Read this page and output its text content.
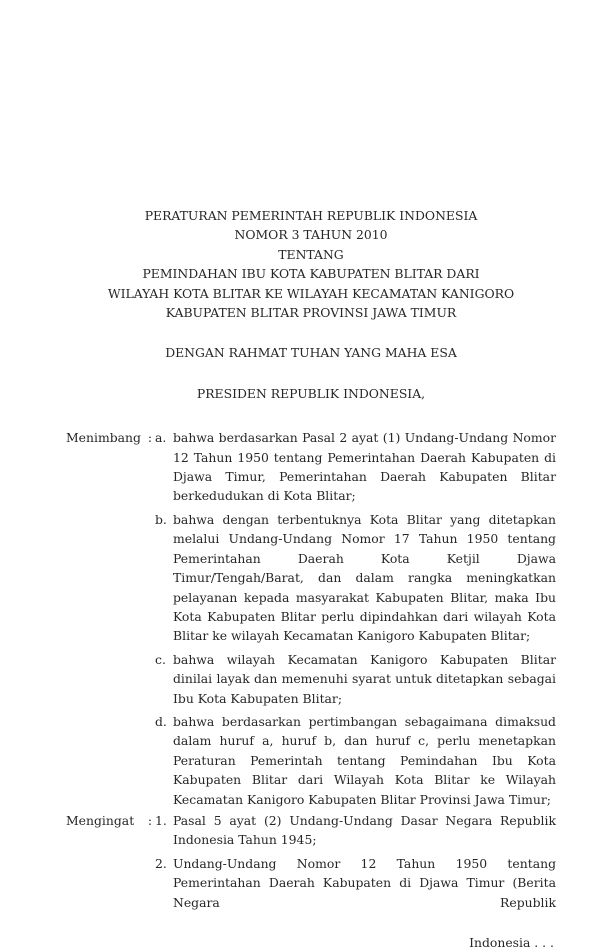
PERATURAN PEMERINTAH REPUBLIK INDONESIA
NOMOR 3 TAHUN 2010
TENTANG
PEMINDAHAN IBU KOTA KABUPATEN BLITAR DARI
WILAYAH KOTA BLITAR KE WILAYAH KECAMATAN KANIGORO
KABUPATEN BLITAR PROVINSI JAWA TIMUR
DENGAN RAHMAT TUHAN YANG MAHA ESA
PRESIDEN REPUBLIK INDONESIA,
Menimbang : a. bahwa berdasarkan Pasal 2 ayat (1) Undang-Undang Nomor 12 Tahun 1950 tentang Pemerintahan Daerah Kabupaten di Djawa Timur, Pemerintahan Daerah Kabupaten Blitar berkedudukan di Kota Blitar;
b. bahwa dengan terbentuknya Kota Blitar yang ditetapkan melalui Undang-Undang Nomor 17 Tahun 1950 tentang Pemerintahan Daerah Kota Ketjil Djawa Timur/Tengah/Barat, dan dalam rangka meningkatkan pelayanan kepada masyarakat Kabupaten Blitar, maka Ibu Kota Kabupaten Blitar perlu dipindahkan dari wilayah Kota Blitar ke wilayah Kecamatan Kanigoro Kabupaten Blitar;
c. bahwa wilayah Kecamatan Kanigoro Kabupaten Blitar dinilai layak dan memenuhi syarat untuk ditetapkan sebagai Ibu Kota Kabupaten Blitar;
d. bahwa berdasarkan pertimbangan sebagaimana dimaksud dalam huruf a, huruf b, dan huruf c, perlu menetapkan Peraturan Pemerintah tentang Pemindahan Ibu Kota Kabupaten Blitar dari Wilayah Kota Blitar ke Wilayah Kecamatan Kanigoro Kabupaten Blitar Provinsi Jawa Timur;
Mengingat : 1. Pasal 5 ayat (2) Undang-Undang Dasar Negara Republik Indonesia Tahun 1945;
2. Undang-Undang Nomor 12 Tahun 1950 tentang Pemerintahan Daerah Kabupaten di Djawa Timur (Berita Negara Republik
Indonesia . . .
